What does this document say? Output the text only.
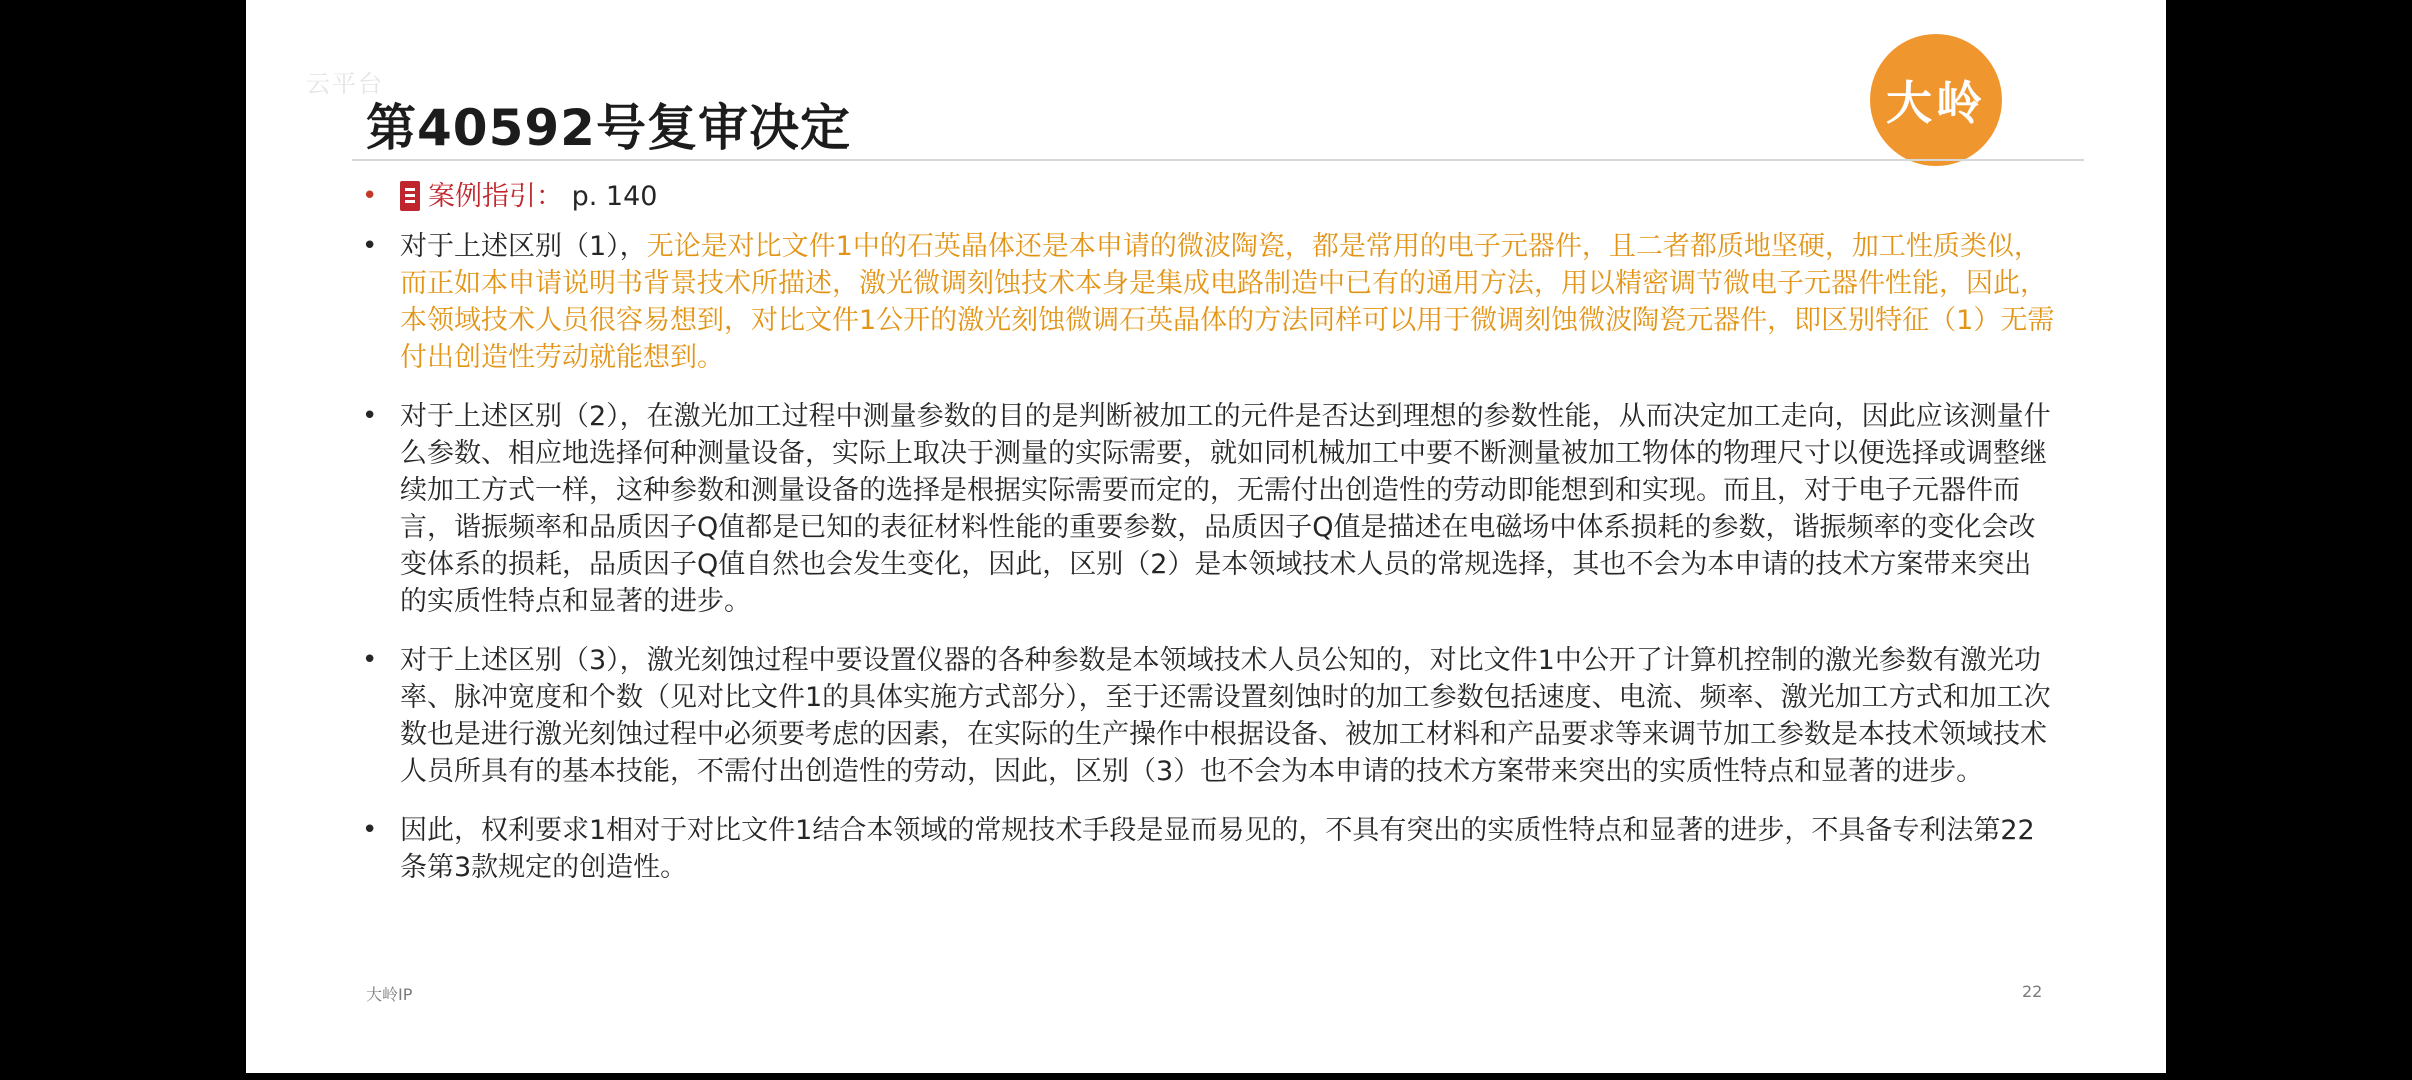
云平台
第40592号复审决定	大岭
• 案例指引： p. 140
• 对于上述区别（1），无论是对比文件1中的石英晶体还是本申请的微波陶瓷，都是常用的电子元器件，且二者都质地坚硬，加工性质类似，而正如本申请说明书背景技术所描述，激光微调刻蚀技术本身是集成电路制造中已有的通用方法，用以精密调节微电子元器件性能，因此，本领域技术人员很容易想到，对比文件1公开的激光刻蚀微调石英晶体的方法同样可以用于微调刻蚀微波陶瓷元器件，即区别特征（1）无需付出创造性劳动就能想到。
• 对于上述区别（2），在激光加工过程中测量参数的目的是判断被加工的元件是否达到理想的参数性能，从而决定加工走向，因此应该测量什么参数、相应地选择何种测量设备，实际上取决于测量的实际需要，就如同机械加工中要不断测量被加工物体的物理尺寸以便选择或调整继续加工方式一样，这种参数和测量设备的选择是根据实际需要而定的，无需付出创造性的劳动即能想到和实现。而且，对于电子元器件而言，谐振频率和品质因子Q值都是已知的表征材料性能的重要参数，品质因子Q值是描述在电磁场中体系损耗的参数，谐振频率的变化会改变体系的损耗，品质因子Q值自然也会发生变化，因此，区别（2）是本领域技术人员的常规选择，其也不会为本申请的技术方案带来突出的实质性特点和显著的进步。
• 对于上述区别（3），激光刻蚀过程中要设置仪器的各种参数是本领域技术人员公知的，对比文件1中公开了计算机控制的激光参数有激光功率、脉冲宽度和个数（见对比文件1的具体实施方式部分），至于还需设置刻蚀时的加工参数包括速度、电流、频率、激光加工方式和加工次数也是进行激光刻蚀过程中必须要考虑的因素，在实际的生产操作中根据设备、被加工材料和产品要求等来调节加工参数是本技术领域技术人员所具有的基本技能，不需付出创造性的劳动，因此，区别（3）也不会为本申请的技术方案带来突出的实质性特点和显著的进步。
• 因此，权利要求1相对于对比文件1结合本领域的常规技术手段是显而易见的，不具有突出的实质性特点和显著的进步，不具备专利法第22条第3款规定的创造性。
大岭IP	22
